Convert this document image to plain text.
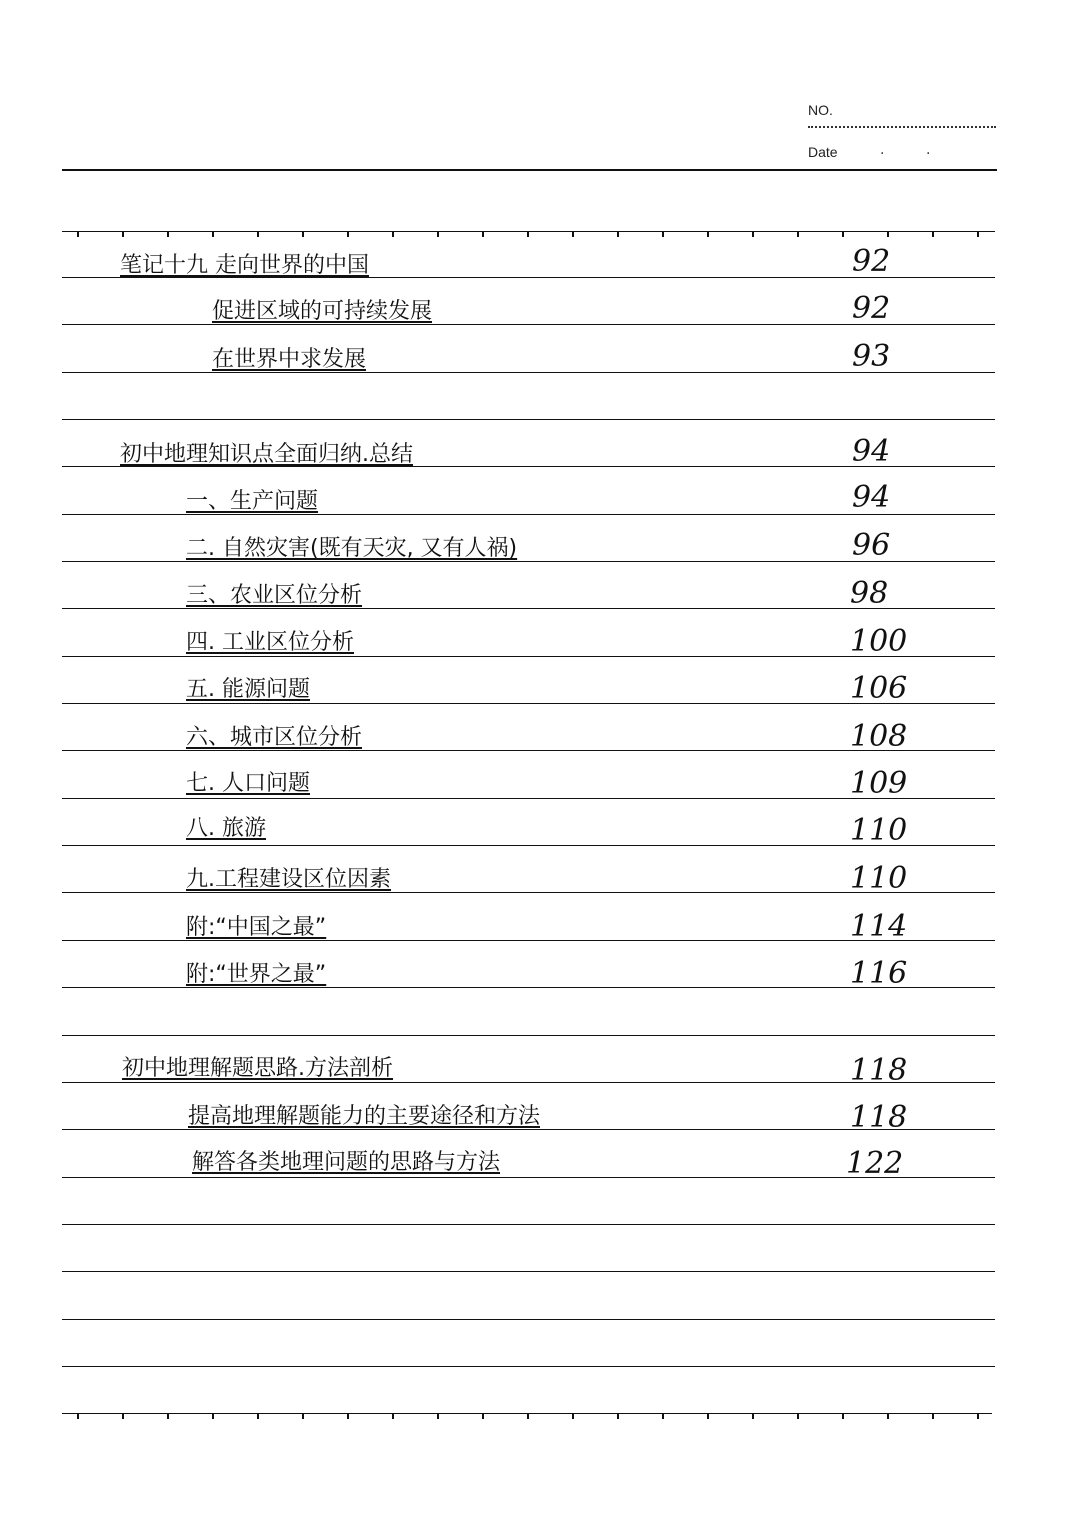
NO.
Date	·	·
笔记十九 走向世界的中国	92
促进区域的可持续发展	92
在世界中求发展	93
初中地理知识点全面归纳.总结	94
一、生产问题	94
二. 自然灾害(既有天灾, 又有人祸)	96
三、农业区位分析	98
四. 工业区位分析	100
五. 能源问题	106
六、城市区位分析	108
七. 人口问题	109
八. 旅游	110
九.工程建设区位因素	110
附:“中国之最”	114
附:“世界之最”	116
初中地理解题思路.方法剖析	118
提高地理解题能力的主要途径和方法	118
解答各类地理问题的思路与方法	122
